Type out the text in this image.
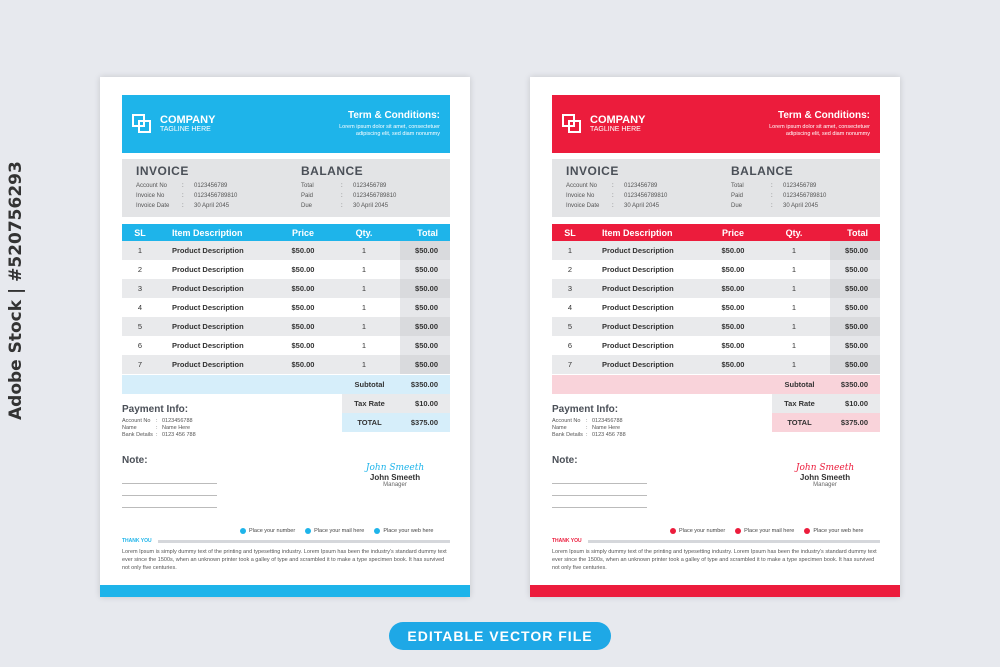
Adobe Stock | #520756293
COMPANY
TAGLINE HERE
Term & Conditions:
Lorem ipsum dolor sit amet, consectetuer adipiscing elit, sed diam nonummy
INVOICE
Account No	:	0123456789
Invoice No	:	0123456789810
Invoice Date	:	30 April 2045
BALANCE
Total	:	0123456789
Paid	:	0123456789810
Due	:	30 April 2045
SL	Item Description	Price	Qty.	Total
1	Product Description	$50.00	1	$50.00
2	Product Description	$50.00	1	$50.00
3	Product Description	$50.00	1	$50.00
4	Product Description	$50.00	1	$50.00
5	Product Description	$50.00	1	$50.00
6	Product Description	$50.00	1	$50.00
7	Product Description	$50.00	1	$50.00
Subtotal	$350.00
Tax Rate	$10.00
TOTAL	$375.00
Payment Info:
Account No	: 0123456788
Name	: Name Here
Bank Details : 0123 456 788
Note:
John Smeeth
John Smeeth
Manager
Place your number	Place your mail here	Place your web here
THANK YOU
Lorem Ipsum is simply dummy text of the printing and typesetting industry. Lorem Ipsum has been the industry's standard dummy text ever since the 1500s, when an unknown printer took a galley of type and scrambled it to make a type specimen book. It has survived not only five centuries.
COMPANY
TAGLINE HERE
Term & Conditions:
Lorem ipsum dolor sit amet, consectetuer adipiscing elit, sed diam nonummy
INVOICE
Account No	:	0123456789
Invoice No	:	0123456789810
Invoice Date	:	30 April 2045
BALANCE
Total	:	0123456789
Paid	:	0123456789810
Due	:	30 April 2045
SL	Item Description	Price	Qty.	Total
1	Product Description	$50.00	1	$50.00
2	Product Description	$50.00	1	$50.00
3	Product Description	$50.00	1	$50.00
4	Product Description	$50.00	1	$50.00
5	Product Description	$50.00	1	$50.00
6	Product Description	$50.00	1	$50.00
7	Product Description	$50.00	1	$50.00
Subtotal	$350.00
Tax Rate	$10.00
TOTAL	$375.00
Payment Info:
Account No	: 0123456788
Name	: Name Here
Bank Details : 0123 456 788
Note:
John Smeeth
John Smeeth
Manager
Place your number	Place your mail here	Place your web here
THANK YOU
Lorem Ipsum is simply dummy text of the printing and typesetting industry. Lorem Ipsum has been the industry's standard dummy text ever since the 1500s, when an unknown printer took a galley of type and scrambled it to make a type specimen book. It has survived not only five centuries.
EDITABLE VECTOR FILE
